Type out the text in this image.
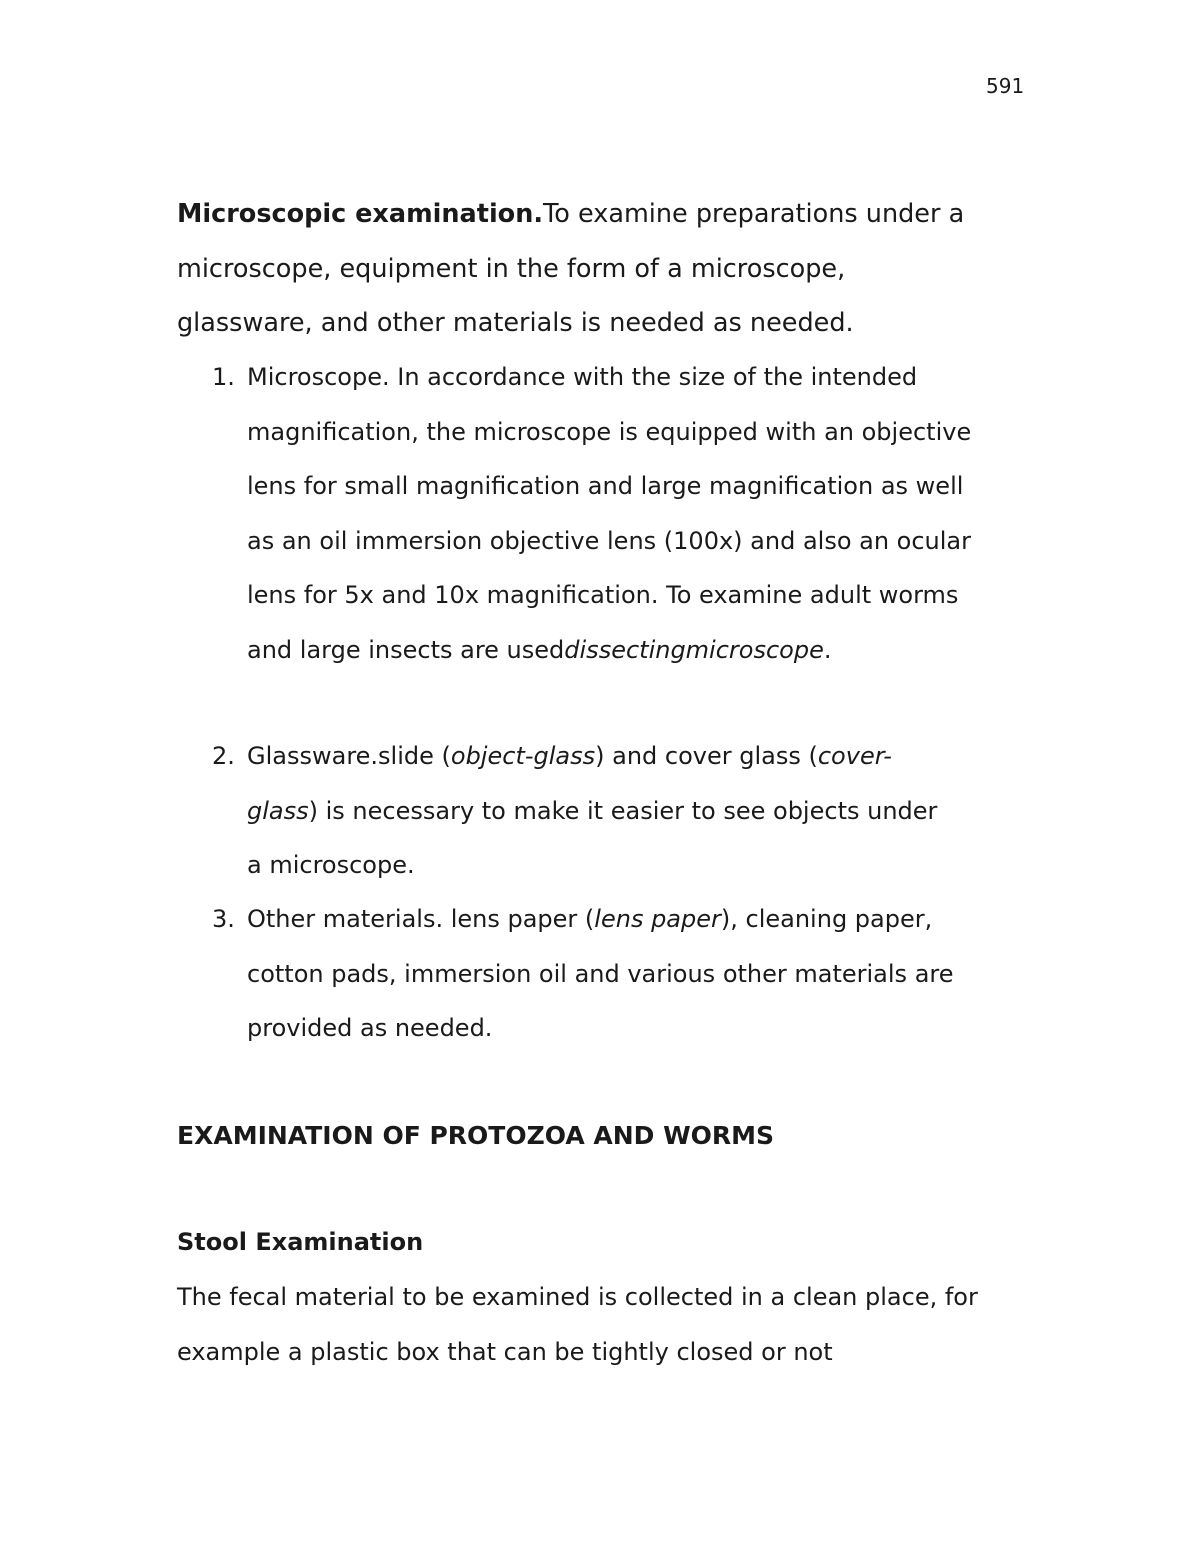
591
Microscopic examination.To examine preparations under a
microscope, equipment in the form of a microscope,
glassware, and other materials is needed as needed.
1. Microscope. In accordance with the size of the intended
magnification, the microscope is equipped with an objective
lens for small magnification and large magnification as well
as an oil immersion objective lens (100x) and also an ocular
lens for 5x and 10x magnification. To examine adult worms
and large insects are useddissectingmicroscope.
2. Glassware.slide (object-glass) and cover glass (cover-
glass) is necessary to make it easier to see objects under
a microscope.
3. Other materials. lens paper (lens paper), cleaning paper,
cotton pads, immersion oil and various other materials are
provided as needed.
EXAMINATION OF PROTOZOA AND WORMS
Stool Examination
The fecal material to be examined is collected in a clean place, for
example a plastic box that can be tightly closed or not
